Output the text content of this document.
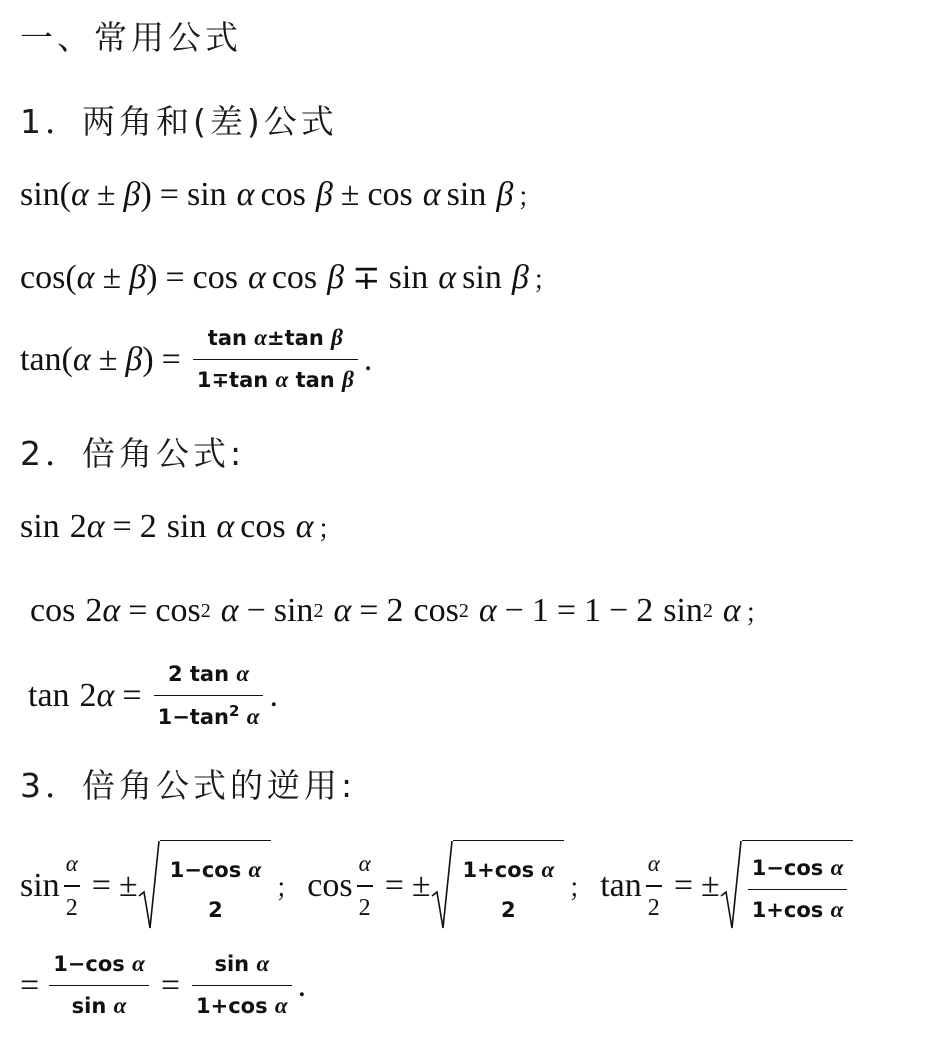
一、常用公式
1．两角和(差)公式
2．倍角公式:
3．倍角公式的逆用:
sin( α ± β ) = sin α cos β ± cos α sin β ；
cos( α ± β ) = cos α cos β ∓ sin α sin β ；
tan( α ± β ) = $\frac{\text{tan α±tan β}}{\text{1∓tan α tan β}}$ .
sin 2 α = 2 sin α cos α ；
cos 2 α = cos 2 α − sin 2 α = 2 cos 2 α − 1 = 1 − 2 sin 2 α ；
tan 2 $\alpha = \frac{\text{2 tan α}}{1-\tan^2 \alpha}$ .
$\sin \frac{\alpha}{2}$ = ± $\frac{\text{1−cos α}}{2}$ ； $\cos \frac{\alpha}{2}$ = ± $\frac{\text{1+cos α}}{2}$ ； $\tan \frac{\alpha}{2}$ = ± $\frac{\text{1−cos α}}{\text{1+cos α}}$
= $\frac{\text{1−cos α}}{\text{sin α}} = \frac{\text{sin α}}{\text{1+cos α}}$ .
